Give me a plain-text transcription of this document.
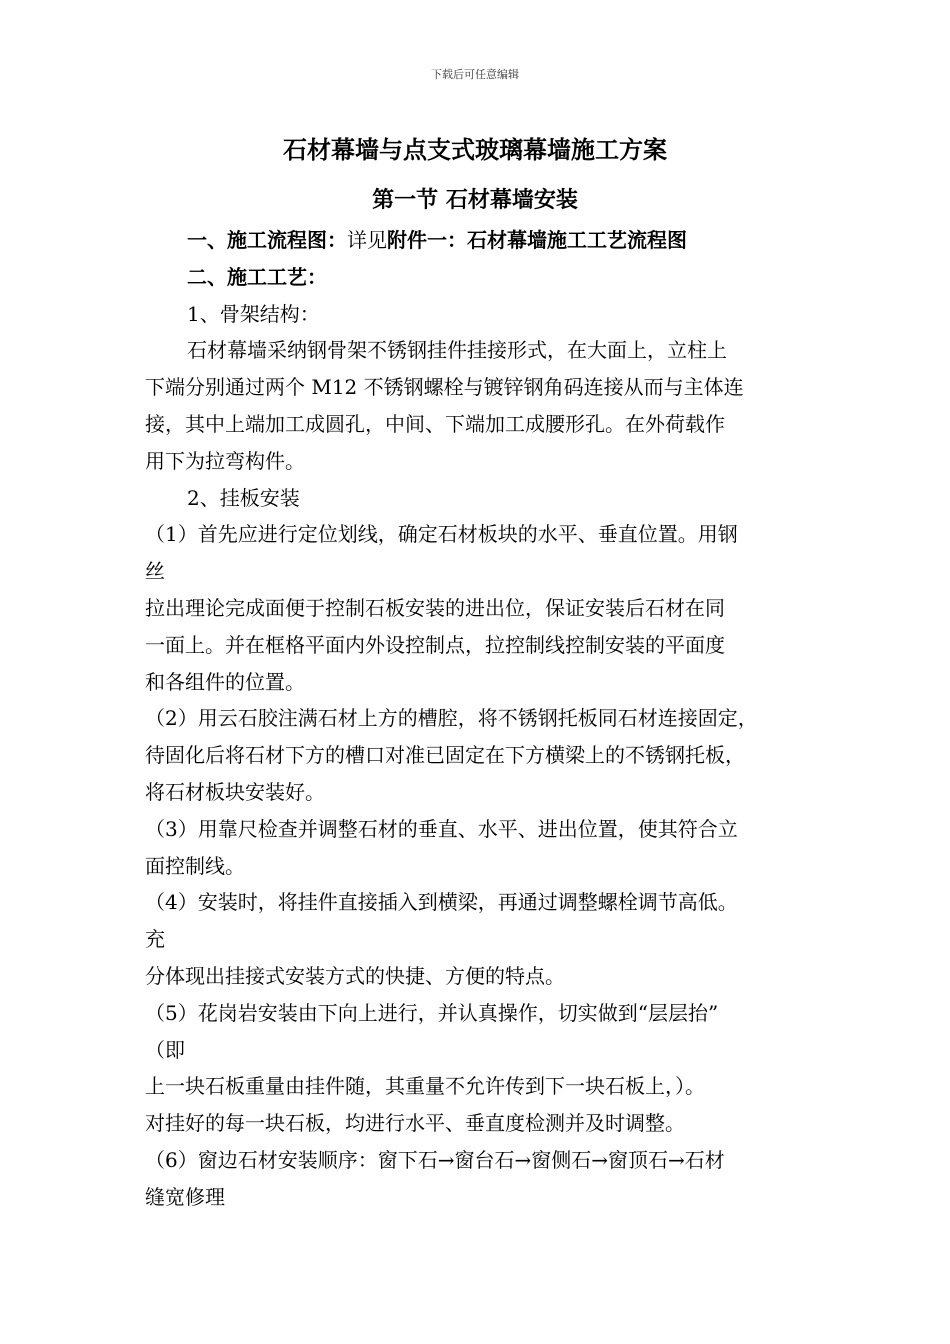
下载后可任意编辑
石材幕墙与点支式玻璃幕墙施工方案
第一节 石材幕墙安装
一、施工流程图：详见附件一：石材幕墙施工工艺流程图
二、施工工艺：
1、骨架结构：
石材幕墙采纳钢骨架不锈钢挂件挂接形式，在大面上，立柱上
下端分别通过两个 M12 不锈钢螺栓与镀锌钢角码连接从而与主体连
接，其中上端加工成圆孔，中间、下端加工成腰形孔。在外荷载作
用下为拉弯构件。
2、挂板安装
（1）首先应进行定位划线，确定石材板块的水平、垂直位置。用钢
丝
拉出理论完成面便于控制石板安装的进出位，保证安装后石材在同
一面上。并在框格平面内外设控制点，拉控制线控制安装的平面度
和各组件的位置。
（2）用云石胶注满石材上方的槽腔，将不锈钢托板同石材连接固定，
待固化后将石材下方的槽口对准已固定在下方横梁上的不锈钢托板，
将石材板块安装好。
（3）用靠尺检查并调整石材的垂直、水平、进出位置，使其符合立
面控制线。
（4）安装时，将挂件直接插入到横梁，再通过调整螺栓调节高低。
充
分体现出挂接式安装方式的快捷、方便的特点。
（5）花岗岩安装由下向上进行，并认真操作，切实做到“层层抬”
（即
上一块石板重量由挂件随，其重量不允许传到下一块石板上，）。
对挂好的每一块石板，均进行水平、垂直度检测并及时调整。
（6）窗边石材安装顺序：窗下石→窗台石→窗侧石→窗顶石→石材
缝宽修理
